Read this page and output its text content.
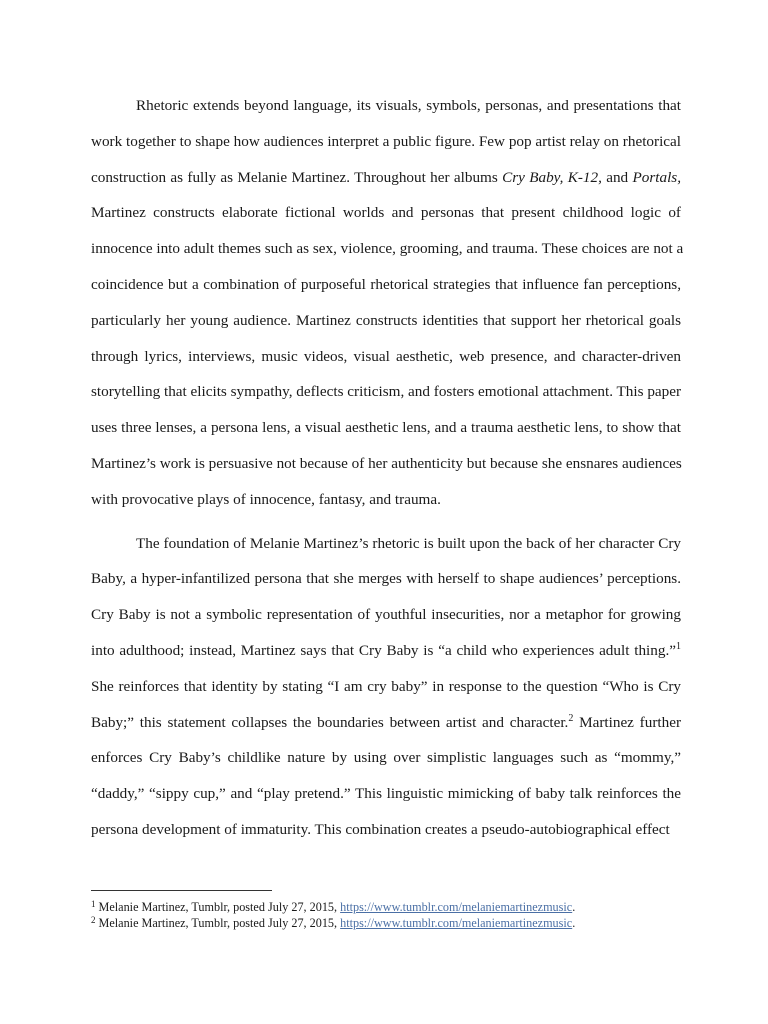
Rhetoric extends beyond language, its visuals, symbols, personas, and presentations that
work together to shape how audiences interpret a public figure. Few pop artist relay on rhetorical
construction as fully as Melanie Martinez. Throughout her albums Cry Baby, K-12, and Portals,
Martinez constructs elaborate fictional worlds and personas that present childhood logic of
innocence into adult themes such as sex, violence, grooming, and trauma. These choices are not a
coincidence but a combination of purposeful rhetorical strategies that influence fan perceptions,
particularly her young audience. Martinez constructs identities that support her rhetorical goals
through lyrics, interviews, music videos, visual aesthetic, web presence, and character-driven
storytelling that elicits sympathy, deflects criticism, and fosters emotional attachment. This paper
uses three lenses, a persona lens, a visual aesthetic lens, and a trauma aesthetic lens, to show that
Martinez’s work is persuasive not because of her authenticity but because she ensnares audiences
with provocative plays of innocence, fantasy, and trauma.

The foundation of Melanie Martinez’s rhetoric is built upon the back of her character Cry
Baby, a hyper-infantilized persona that she merges with herself to shape audiences’ perceptions.
Cry Baby is not a symbolic representation of youthful insecurities, nor a metaphor for growing
into adulthood; instead, Martinez says that Cry Baby is “a child who experiences adult thing.”$^1$
She reinforces that identity by stating “I am cry baby” in response to the question “Who is Cry
Baby;” this statement collapses the boundaries between artist and character.$^2$ Martinez further
enforces Cry Baby’s childlike nature by using over simplistic languages such as “mommy,”
“daddy,” “sippy cup,” and “play pretend.” This linguistic mimicking of baby talk reinforces the
persona development of immaturity. This combination creates a pseudo-autobiographical effect

$^1$ Melanie Martinez, Tumblr, posted July 27, 2015, https://www.tumblr.com/melaniemartinezmusic.

$^2$ Melanie Martinez, Tumblr, posted July 27, 2015, https://www.tumblr.com/melaniemartinezmusic.
